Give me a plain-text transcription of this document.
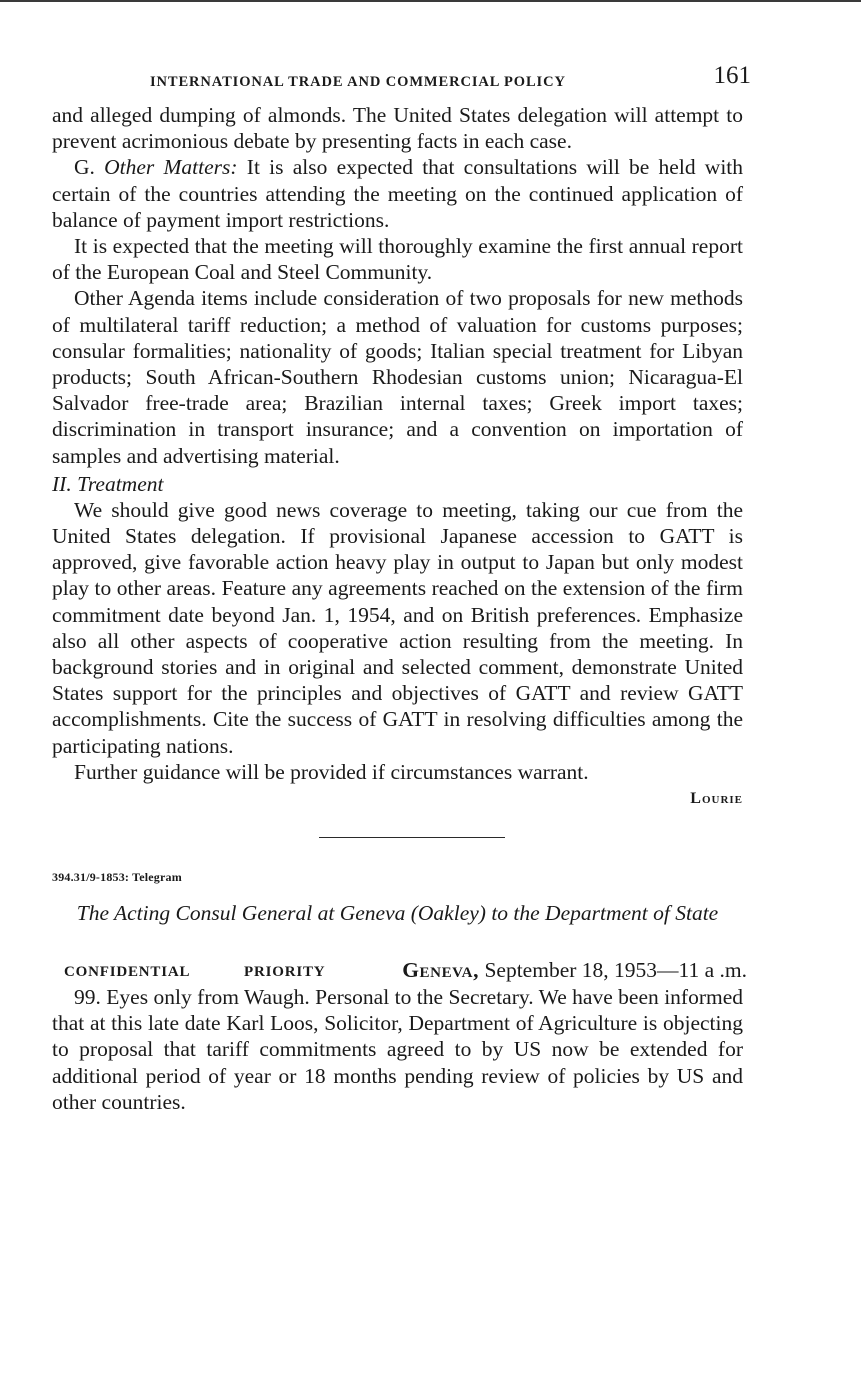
INTERNATIONAL TRADE AND COMMERCIAL POLICY	161

and alleged dumping of almonds. The United States delegation will attempt to prevent acrimonious debate by presenting facts in each case.

G. Other Matters: It is also expected that consultations will be held with certain of the countries attending the meeting on the continued application of balance of payment import restrictions.

It is expected that the meeting will thoroughly examine the first annual report of the European Coal and Steel Community.

Other Agenda items include consideration of two proposals for new methods of multilateral tariff reduction; a method of valuation for customs purposes; consular formalities; nationality of goods; Italian special treatment for Libyan products; South African-Southern Rhodesian customs union; Nicaragua-El Salvador free-trade area; Brazilian internal taxes; Greek import taxes; discrimination in transport insurance; and a convention on importation of samples and advertising material.

II. Treatment

We should give good news coverage to meeting, taking our cue from the United States delegation. If provisional Japanese accession to GATT is approved, give favorable action heavy play in output to Japan but only modest play to other areas. Feature any agreements reached on the extension of the firm commitment date beyond Jan. 1, 1954, and on British preferences. Emphasize also all other aspects of cooperative action resulting from the meeting. In background stories and in original and selected comment, demonstrate United States support for the principles and objectives of GATT and review GATT accomplishments. Cite the success of GATT in resolving difficulties among the participating nations.

Further guidance will be provided if circumstances warrant.

Lourie
394.31/9-1853: Telegram
The Acting Consul General at Geneva (Oakley) to the Department of State
CONFIDENTIAL	PRIORITY	Geneva, September 18, 1953—11 a .m.

99. Eyes only from Waugh. Personal to the Secretary. We have been informed that at this late date Karl Loos, Solicitor, Department of Agriculture is objecting to proposal that tariff commitments agreed to by US now be extended for additional period of year or 18 months pending review of policies by US and other countries.
